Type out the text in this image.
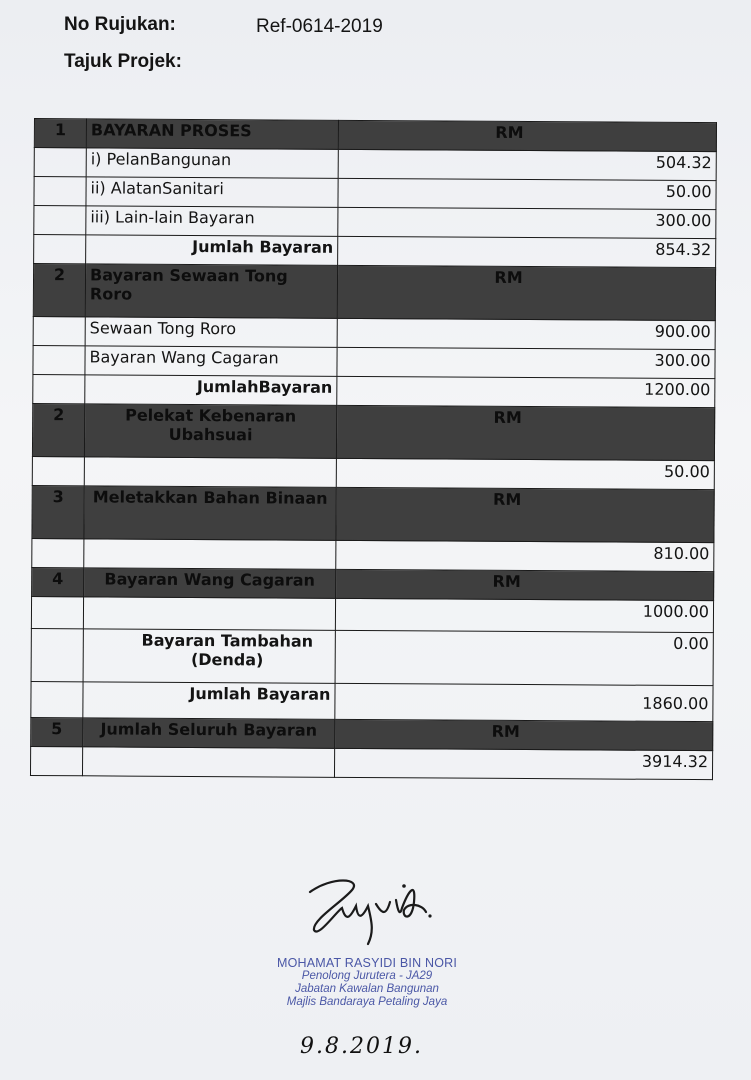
No Rujukan:	Ref-0614-2019
Tajuk Projek:
1	BAYARAN PROSES	RM
	i) PelanBangunan	504.32
	ii) AlatanSanitari	50.00
	iii) Lain-lain Bayaran	300.00
	Jumlah Bayaran	854.32
2	Bayaran Sewaan Tong Roro	RM
	Sewaan Tong Roro	900.00
	Bayaran Wang Cagaran	300.00
	JumlahBayaran	1200.00
2	Pelekat Kebenaran Ubahsuai	RM
		50.00
3	Meletakkan Bahan Binaan	RM
		810.00
4	Bayaran Wang Cagaran	RM
		1000.00
	Bayaran Tambahan (Denda)	0.00
	Jumlah Bayaran	1860.00
5	Jumlah Seluruh Bayaran	RM
		3914.32
MOHAMAT RASYIDI BIN NORI
Penolong Jurutera - JA29
Jabatan Kawalan Bangunan
Majlis Bandaraya Petaling Jaya
9.8.2019.
